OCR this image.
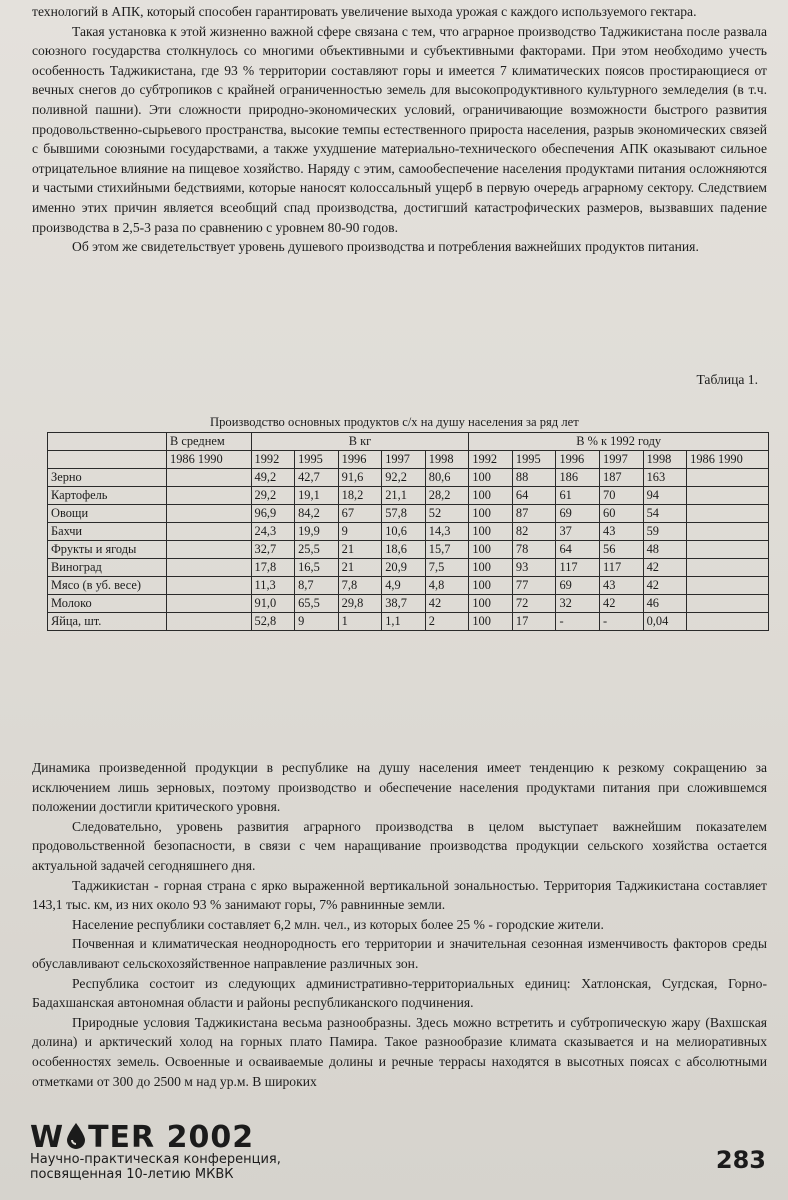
технологий в АПК, который способен гарантировать увеличение выхода урожая с каждого используемого гектара.

Такая установка к этой жизненно важной сфере связана с тем, что аграрное производство Таджикистана после развала союзного государства столкнулось со многими объективными и субъективными факторами. При этом необходимо учесть особенность Таджикистана, где 93 % территории составляют горы и имеется 7 климатических поясов простирающиеся от вечных снегов до субтропиков с крайней ограниченностью земель для высокопродуктивного культурного земледелия (в т.ч. поливной пашни). Эти сложности природно-экономических условий, ограничивающие возможности быстрого развития продовольственно-сырьевого пространства, высокие темпы естественного прироста населения, разрыв экономических связей с бывшими союзными государствами, а также ухудшение материально-технического обеспечения АПК оказывают сильное отрицательное влияние на пищевое хозяйство. Наряду с этим, самообеспечение населения продуктами питания осложняются и частыми стихийными бедствиями, которые наносят колоссальный ущерб в первую очередь аграрному сектору. Следствием именно этих причин является всеобщий спад производства, достигший катастрофических размеров, вызвавших падение производства в 2,5-3 раза по сравнению с уровнем 80-90 годов.

Об этом же свидетельствует уровень душевого производства и потребления важнейших продуктов питания.

Таблица 1.
Производство основных продуктов с/х на душу населения за ряд лет
	В среднем	В кг					В % к 1992 году					
	1986 1990	1992	1995	1996	1997	1998	1992	1995	1996	1997	1998	1986 1990
Зерно		49,2	42,7	91,6	92,2	80,6	100	88	186	187	163	
Картофель		29,2	19,1	18,2	21,1	28,2	100	64	61	70	94	
Овощи		96,9	84,2	67	57,8	52	100	87	69	60	54	
Бахчи		24,3	19,9	9	10,6	14,3	100	82	37	43	59	
Фрукты и ягоды		32,7	25,5	21	18,6	15,7	100	78	64	56	48	
Виноград		17,8	16,5	21	20,9	7,5	100	93	117	117	42	
Мясо (в уб. весе)		11,3	8,7	7,8	4,9	4,8	100	77	69	43	42	
Молоко		91,0	65,5	29,8	38,7	42	100	72	32	42	46	
Яйца, шт.		52,8	9	1	1,1	2	100	17	-	-	0,04	

Динамика произведенной продукции в республике на душу населения имеет тенденцию к резкому сокращению за исключением лишь зерновых, поэтому производство и обеспечение населения продуктами питания при сложившемся положении достигли критического уровня.

Следовательно, уровень развития аграрного производства в целом выступает важнейшим показателем продовольственной безопасности, в связи с чем наращивание производства продукции сельского хозяйства остается актуальной задачей сегодняшнего дня.

Таджикистан - горная страна с ярко выраженной вертикальной зональностью. Территория Таджикистана составляет 143,1 тыс. км, из них около 93 % занимают горы, 7% равнинные земли.

Население республики составляет 6,2 млн. чел., из которых более 25 % - городские жители.

Почвенная и климатическая неоднородность его территории и значительная сезонная изменчивость факторов среды обуславливают сельскохозяйственное направление различных зон.

Республика состоит из следующих административно-территориальных единиц: Хатлонская, Сугдская, Горно-Бадахшанская автономная области и районы республиканского подчинения.

Природные условия Таджикистана весьма разнообразны. Здесь можно встретить и субтропическую жару (Вахшская долина) и арктический холод на горных плато Памира. Такое разнообразие климата сказывается и на мелиоративных особенностях земель. Освоенные и осваиваемые долины и речные террасы находятся в высотных поясах с абсолютными отметками от 300 до 2500 м над ур.м. В широких

W TER 2002
Научно-практическая конференция,
посвященная 10-летию МКВК
283
